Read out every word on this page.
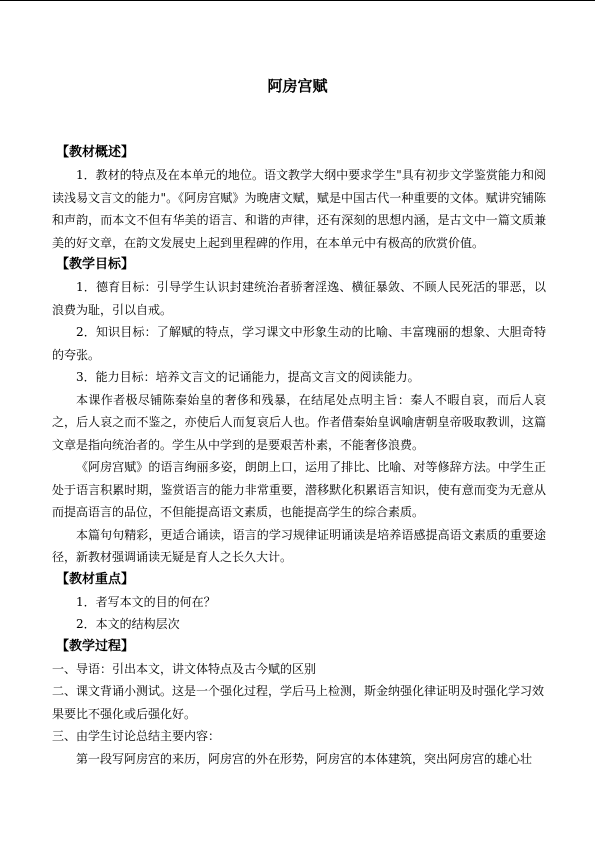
阿房宫赋
【教材概述】

1．教材的特点及在本单元的地位。语文教学大纲中要求学生"具有初步文学鉴赏能力和阅读浅易文言文的能力"。《阿房宫赋》为晚唐文赋，赋是中国古代一种重要的文体。赋讲究铺陈和声韵，而本文不但有华美的语言、和谐的声律，还有深刻的思想内涵，是古文中一篇文质兼美的好文章，在韵文发展史上起到里程碑的作用，在本单元中有极高的欣赏价值。

【教学目标】

1．德育目标：引导学生认识封建统治者骄奢淫逸、横征暴敛、不顾人民死活的罪恶，以浪费为耻，引以自戒。

2．知识目标：了解赋的特点，学习课文中形象生动的比喻、丰富瑰丽的想象、大胆奇特的夸张。

3．能力目标：培养文言文的记诵能力，提高文言文的阅读能力。

本课作者极尽铺陈秦始皇的奢侈和残暴，在结尾处点明主旨：秦人不暇自哀，而后人哀之，后人哀之而不鉴之，亦使后人而复哀后人也。作者借秦始皇讽喻唐朝皇帝吸取教训，这篇文章是指向统治者的。学生从中学到的是要艰苦朴素，不能奢侈浪费。

《阿房宫赋》的语言绚丽多姿，朗朗上口，运用了排比、比喻、对等修辞方法。中学生正处于语言积累时期，鉴赏语言的能力非常重要，潜移默化积累语言知识，使有意而变为无意从而提高语言的品位，不但能提高语文素质，也能提高学生的综合素质。

本篇句句精彩，更适合诵读，语言的学习规律证明诵读是培养语感提高语文素质的重要途径，新教材强调诵读无疑是育人之长久大计。

【教材重点】

1．者写本文的目的何在？

2．本文的结构层次

【教学过程】

一、导语：引出本文，讲文体特点及古今赋的区别

二、课文背诵小测试。这是一个强化过程，学后马上检测，斯金纳强化律证明及时强化学习效果要比不强化或后强化好。

三、由学生讨论总结主要内容：

第一段写阿房宫的来历，阿房宫的外在形势，阿房宫的本体建筑，突出阿房宫的雄心壮
